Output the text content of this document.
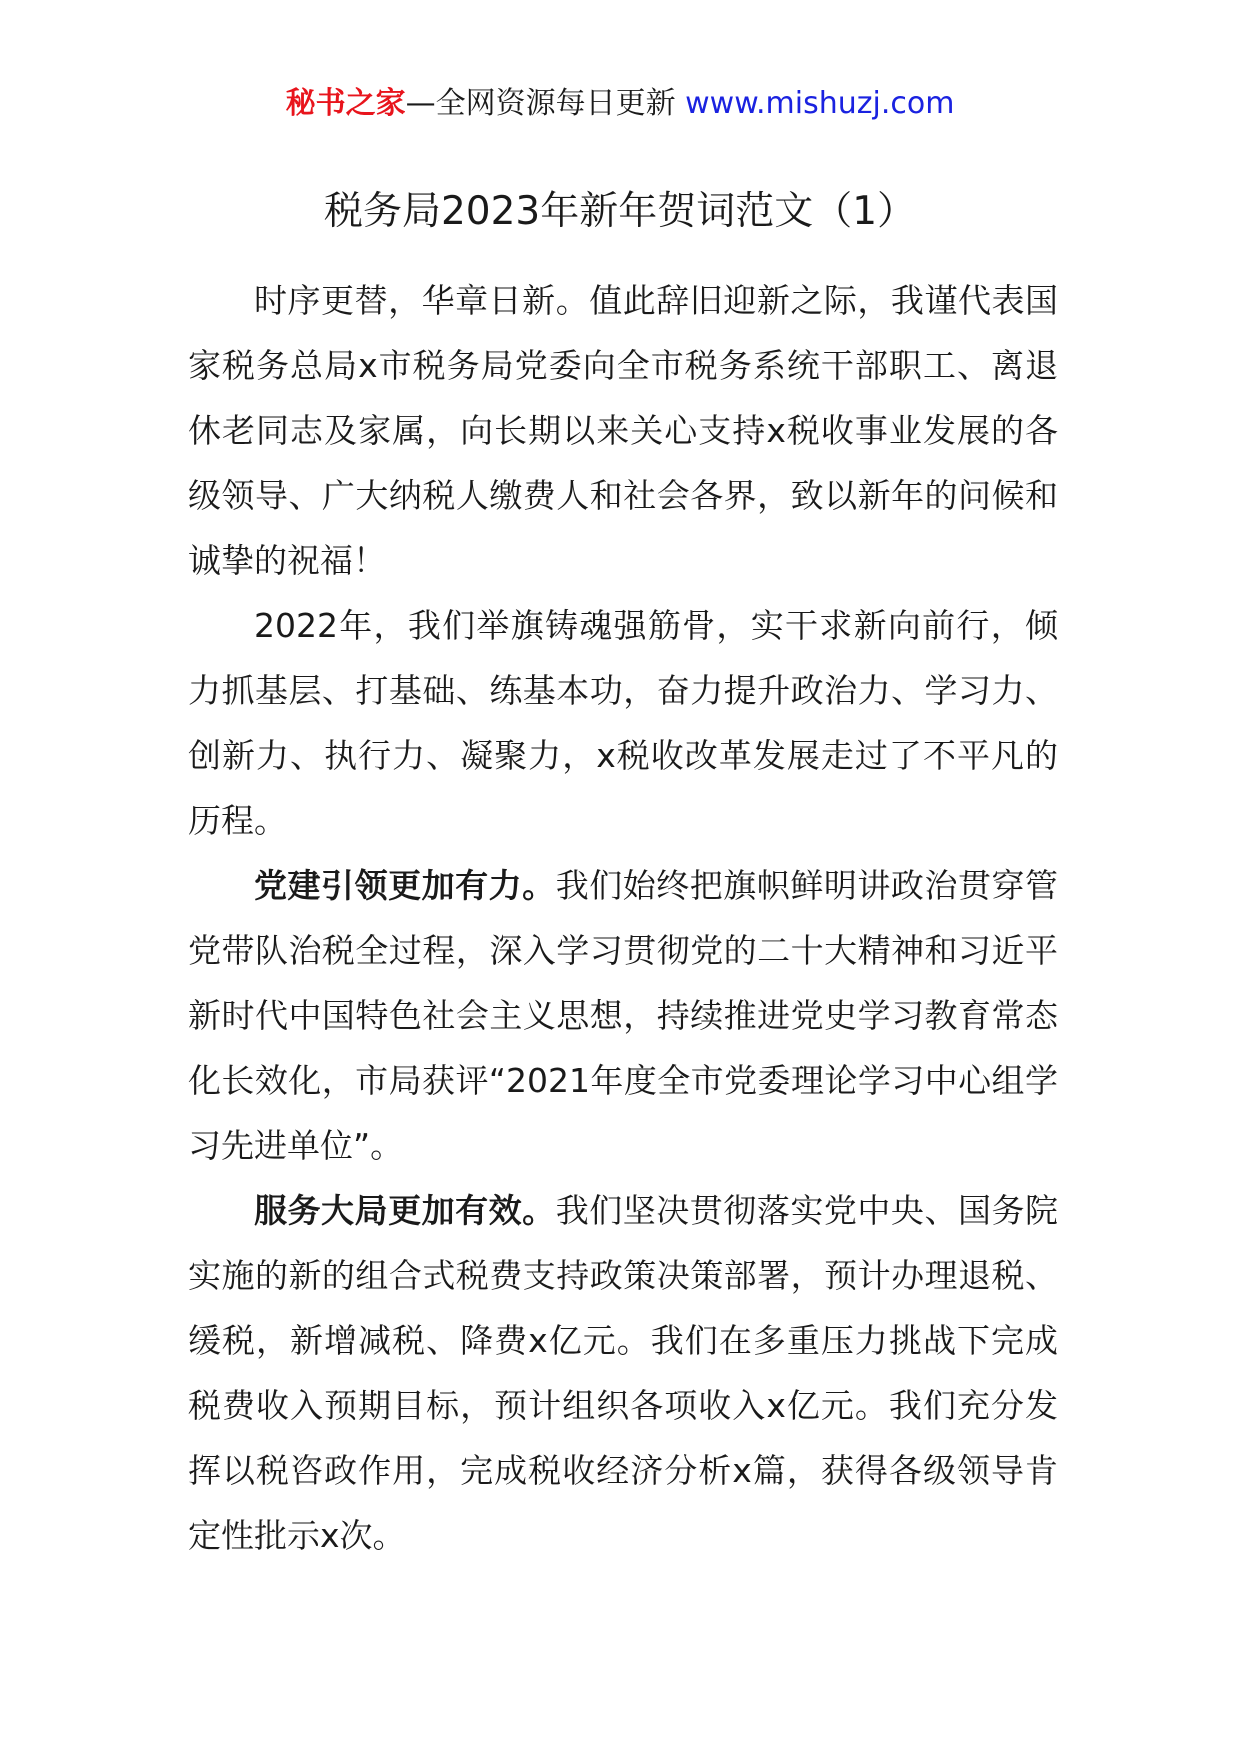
秘书之家—全网资源每日更新 www.mishuzj.com
税务局2023年新年贺词范文（1）

时序更替，华章日新。值此辞旧迎新之际，我谨代表国家税务总局x市税务局党委向全市税务系统干部职工、离退休老同志及家属，向长期以来关心支持x税收事业发展的各级领导、广大纳税人缴费人和社会各界，致以新年的问候和诚挚的祝福！

2022年，我们举旗铸魂强筋骨，实干求新向前行，倾力抓基层、打基础、练基本功，奋力提升政治力、学习力、创新力、执行力、凝聚力，x税收改革发展走过了不平凡的历程。

党建引领更加有力。我们始终把旗帜鲜明讲政治贯穿管党带队治税全过程，深入学习贯彻党的二十大精神和习近平新时代中国特色社会主义思想，持续推进党史学习教育常态化长效化，市局获评“2021年度全市党委理论学习中心组学习先进单位”。

服务大局更加有效。我们坚决贯彻落实党中央、国务院实施的新的组合式税费支持政策决策部署，预计办理退税、缓税，新增减税、降费x亿元。我们在多重压力挑战下完成税费收入预期目标，预计组织各项收入x亿元。我们充分发挥以税咨政作用，完成税收经济分析x篇，获得各级领导肯定性批示x次。
